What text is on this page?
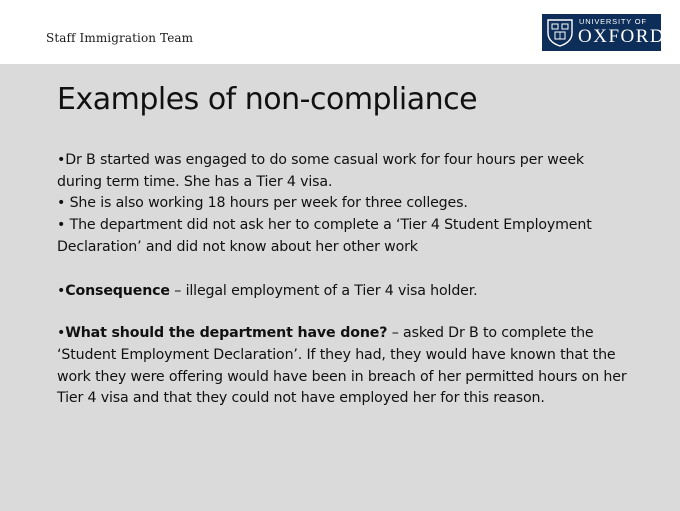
Staff Immigration Team
UNIVERSITY OF
OXFORD
Examples of non-compliance

•Dr B started was engaged to do some casual work for four hours per week during term time. She has a Tier 4 visa.

• She is also working 18 hours per week for three colleges.

• The department did not ask her to complete a ‘Tier 4 Student Employment Declaration’ and did not know about her other work

•Consequence – illegal employment of a Tier 4 visa holder.

•What should the department have done? – asked Dr B to complete the ‘Student Employment Declaration’. If they had, they would have known that the work they were offering would have been in breach of her permitted hours on her Tier 4 visa and that they could not have employed her for this reason.
